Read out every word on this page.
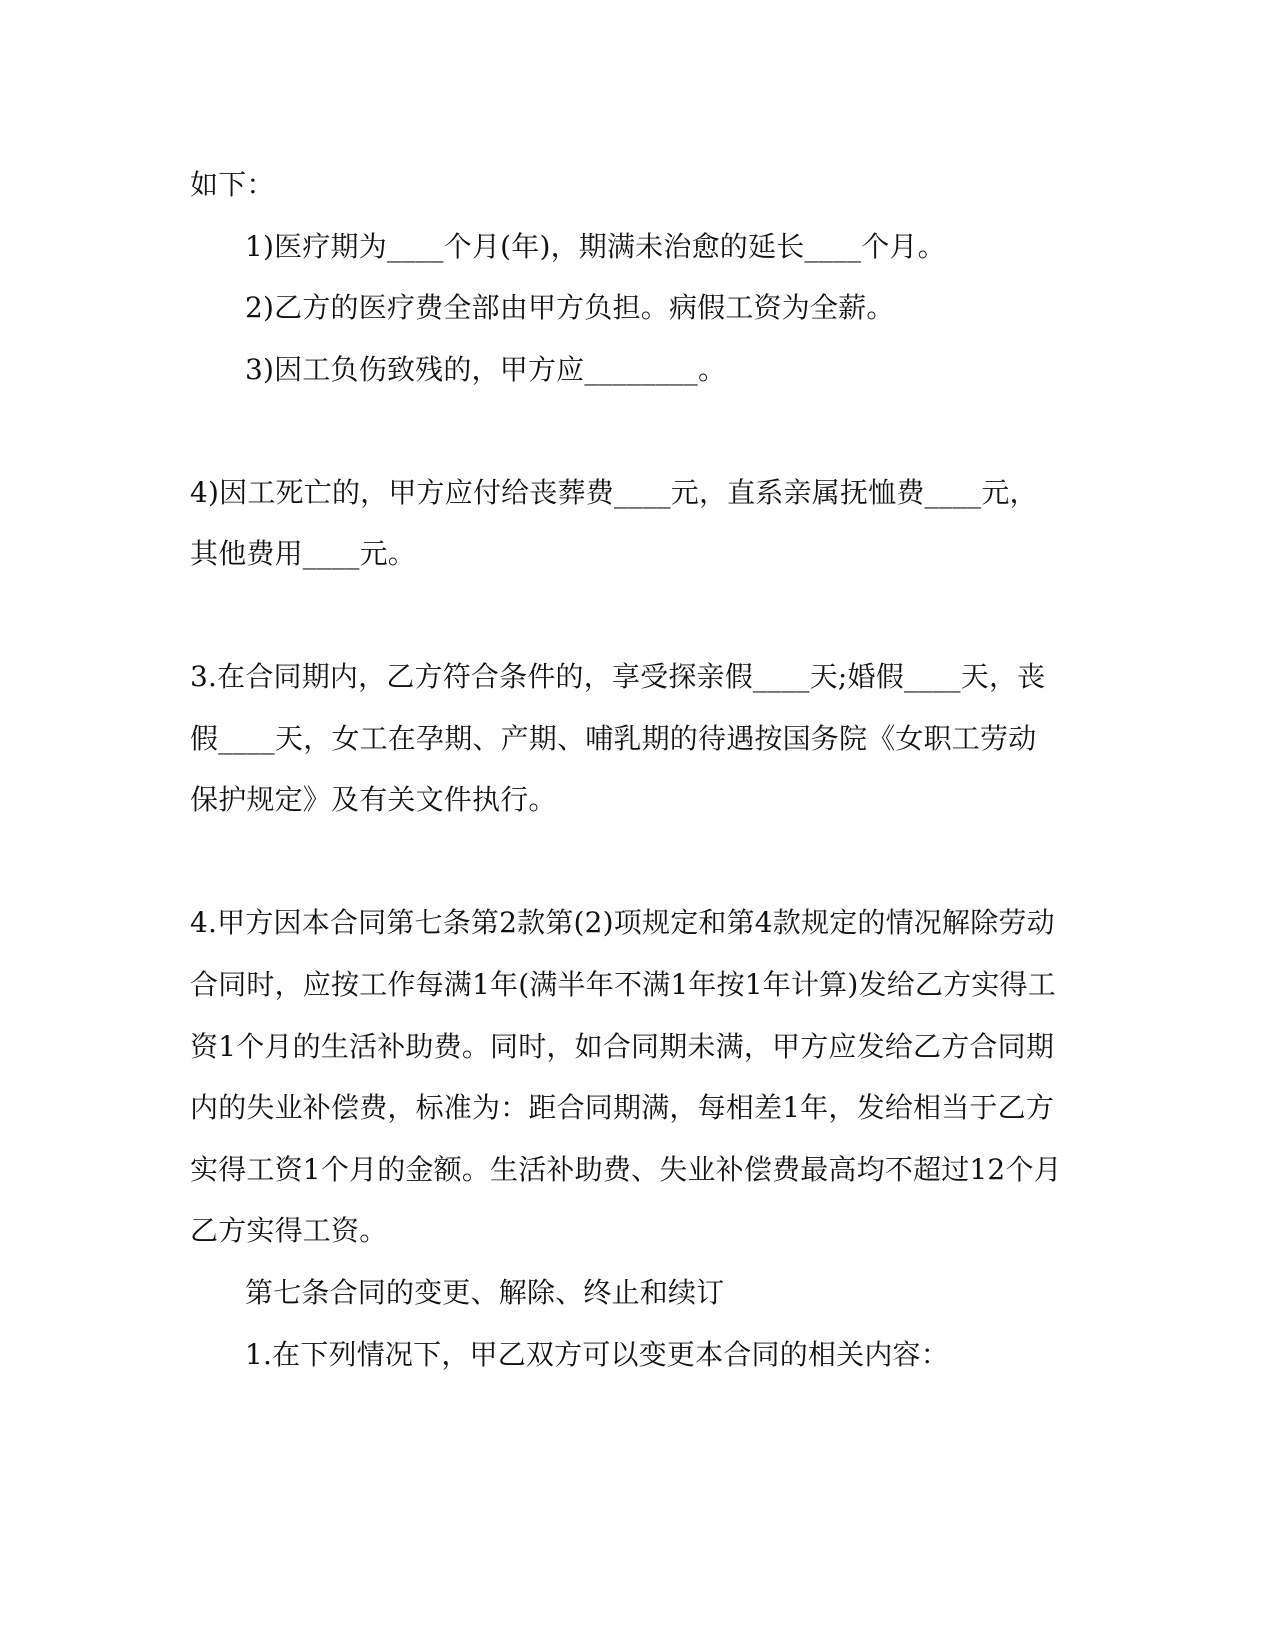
如下：
1)医疗期为____个月(年)，期满未治愈的延长____个月。
2)乙方的医疗费全部由甲方负担。病假工资为全薪。
3)因工负伤致残的，甲方应________。
4)因工死亡的，甲方应付给丧葬费____元，直系亲属抚恤费____元，
其他费用____元。
3.在合同期内，乙方符合条件的，享受探亲假____天;婚假____天，丧
假____天，女工在孕期、产期、哺乳期的待遇按国务院《女职工劳动
保护规定》及有关文件执行。
4.甲方因本合同第七条第2款第(2)项规定和第4款规定的情况解除劳动
合同时，应按工作每满1年(满半年不满1年按1年计算)发给乙方实得工
资1个月的生活补助费。同时，如合同期未满，甲方应发给乙方合同期
内的失业补偿费，标准为：距合同期满，每相差1年，发给相当于乙方
实得工资1个月的金额。生活补助费、失业补偿费最高均不超过12个月
乙方实得工资。
第七条合同的变更、解除、终止和续订
1.在下列情况下，甲乙双方可以变更本合同的相关内容：
